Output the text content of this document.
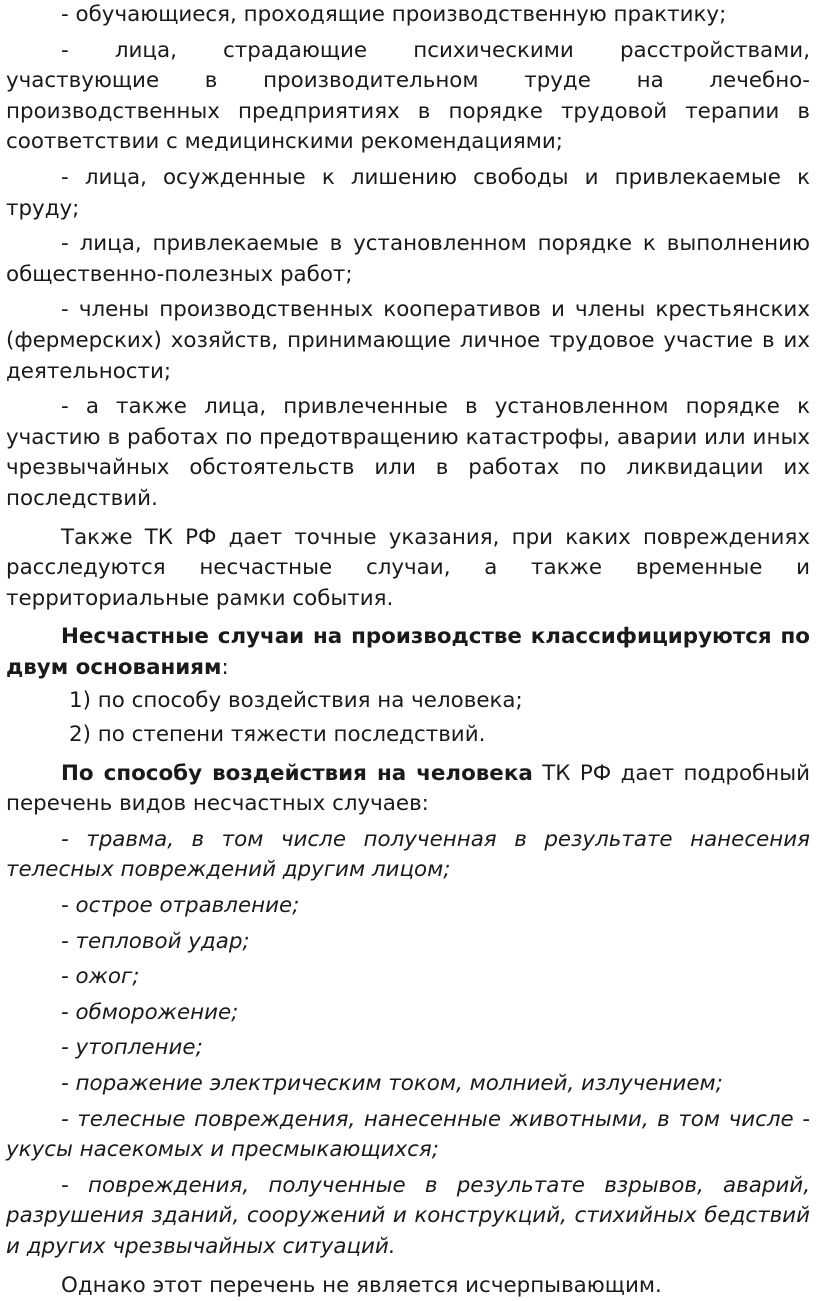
- обучающиеся, проходящие производственную практику;

- лица, страдающие психическими расстройствами, участвующие в производительном труде на лечебно-производственных предприятиях в порядке трудовой терапии в соответствии с медицинскими рекомендациями;

- лица, осужденные к лишению свободы и привлекаемые к труду;

- лица, привлекаемые в установленном порядке к выполнению общественно-полезных работ;

- члены производственных кооперативов и члены крестьянских (фермерских) хозяйств, принимающие личное трудовое участие в их деятельности;

- а также лица, привлеченные в установленном порядке к участию в работах по предотвращению катастрофы, аварии или иных чрезвычайных обстоятельств или в работах по ликвидации их последствий.

Также ТК РФ дает точные указания, при каких повреждениях расследуются несчастные случаи, а также временные и территориальные рамки события.

Несчастные случаи на производстве классифицируются по двум основаниям:

1) по способу воздействия на человека;

2) по степени тяжести последствий.

По способу воздействия на человека ТК РФ дает подробный перечень видов несчастных случаев:

- травма, в том числе полученная в результате нанесения телесных повреждений другим лицом;

- острое отравление;

- тепловой удар;

- ожог;

- обморожение;

- утопление;

- поражение электрическим током, молнией, излучением;

- телесные повреждения, нанесенные животными, в том числе - укусы насекомых и пресмыкающихся;

- повреждения, полученные в результате взрывов, аварий, разрушения зданий, сооружений и конструкций, стихийных бедствий и других чрезвычайных ситуаций.

Однако этот перечень не является исчерпывающим.
